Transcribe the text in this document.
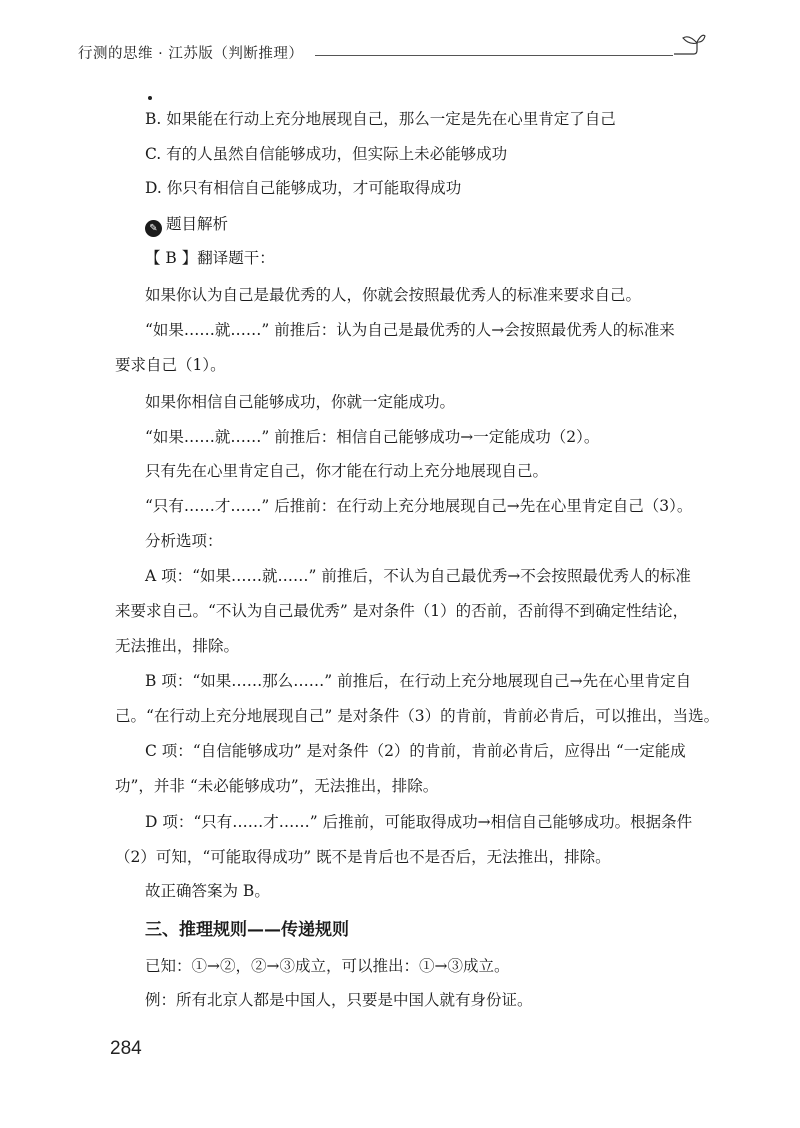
行测的思维 · 江苏版（判断推理）
B. 如果能在行动上充分地展现自己，那么一定是先在心里肯定了自己
C. 有的人虽然自信能够成功，但实际上未必能够成功
D. 你只有相信自己能够成功，才可能取得成功
✎ 题目解析
【 B 】翻译题干：
如果你认为自己是最优秀的人，你就会按照最优秀人的标准来要求自己。
“如果……就……” 前推后：认为自己是最优秀的人→会按照最优秀人的标准来
要求自己（1）。
如果你相信自己能够成功，你就一定能成功。
“如果……就……” 前推后：相信自己能够成功→一定能成功（2）。
只有先在心里肯定自己，你才能在行动上充分地展现自己。
“只有……才……” 后推前：在行动上充分地展现自己→先在心里肯定自己（3）。
分析选项：
A 项：“如果……就……” 前推后，不认为自己最优秀→不会按照最优秀人的标准
来要求自己。“不认为自己最优秀” 是对条件（1）的否前，否前得不到确定性结论，
无法推出，排除。
B 项：“如果……那么……” 前推后，在行动上充分地展现自己→先在心里肯定自
己。“在行动上充分地展现自己” 是对条件（3）的肯前，肯前必肯后，可以推出，当选。
C 项：“自信能够成功” 是对条件（2）的肯前，肯前必肯后，应得出 “一定能成
功”，并非 “未必能够成功”，无法推出，排除。
D 项：“只有……才……” 后推前，可能取得成功→相信自己能够成功。根据条件
（2）可知，“可能取得成功” 既不是肯后也不是否后，无法推出，排除。
故正确答案为 B。
三、推理规则——传递规则
已知：①→②，②→③成立，可以推出：①→③成立。
例：所有北京人都是中国人，只要是中国人就有身份证。
284
